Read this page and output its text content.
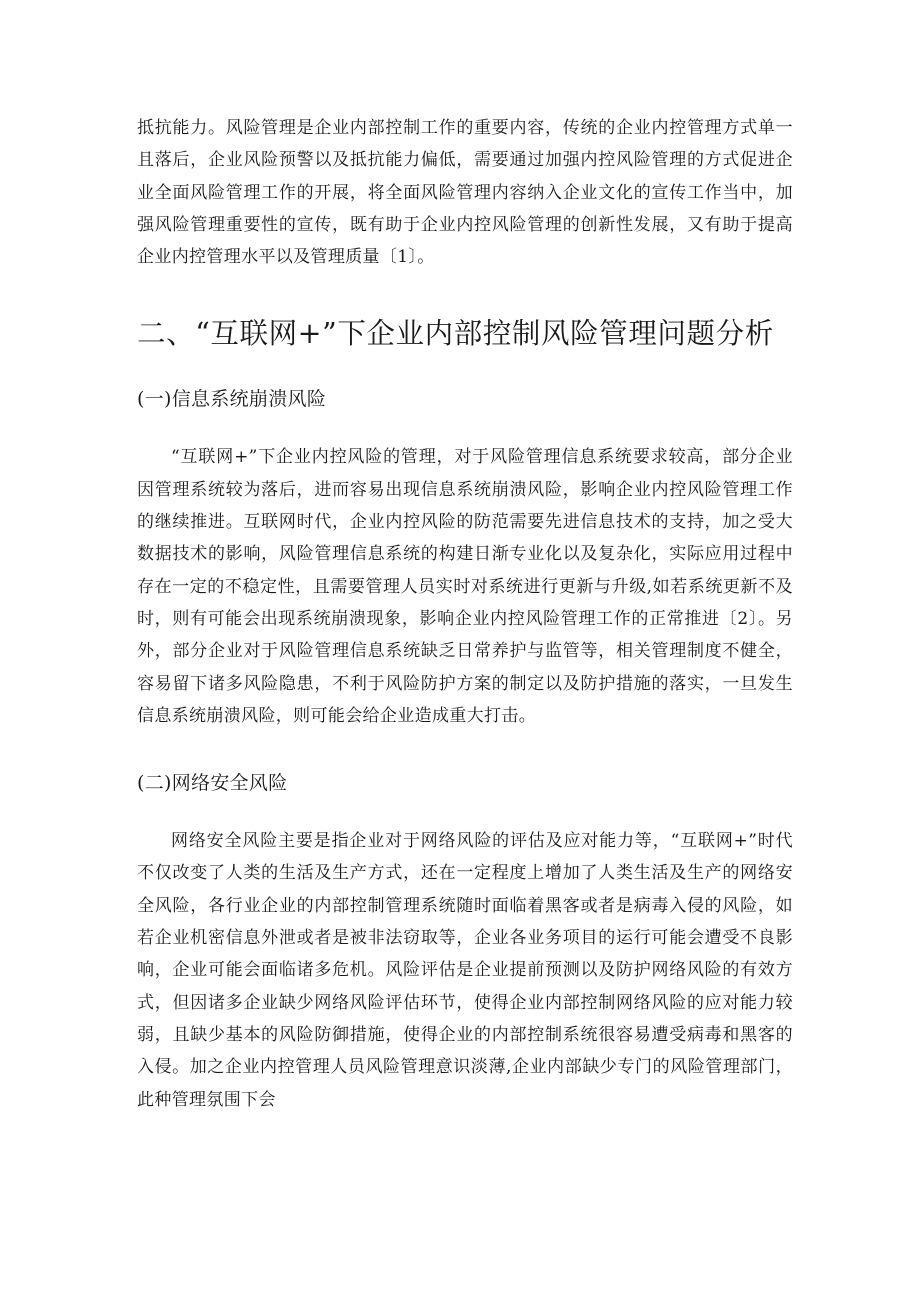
抵抗能力。风险管理是企业内部控制工作的重要内容，传统的企业内控管理方式单一且落后，企业风险预警以及抵抗能力偏低，需要通过加强内控风险管理的方式促进企业全面风险管理工作的开展，将全面风险管理内容纳入企业文化的宣传工作当中，加强风险管理重要性的宣传，既有助于企业内控风险管理的创新性发展，又有助于提高企业内控管理水平以及管理质量〔1〕。

二、“互联网+”下企业内部控制风险管理问题分析
(一)信息系统崩溃风险

“互联网+”下企业内控风险的管理，对于风险管理信息系统要求较高，部分企业因管理系统较为落后，进而容易出现信息系统崩溃风险，影响企业内控风险管理工作的继续推进。互联网时代，企业内控风险的防范需要先进信息技术的支持，加之受大数据技术的影响，风险管理信息系统的构建日渐专业化以及复杂化，实际应用过程中存在一定的不稳定性，且需要管理人员实时对系统进行更新与升级,如若系统更新不及时，则有可能会出现系统崩溃现象，影响企业内控风险管理工作的正常推进〔2〕。另外，部分企业对于风险管理信息系统缺乏日常养护与监管等，相关管理制度不健全，容易留下诸多风险隐患，不利于风险防护方案的制定以及防护措施的落实，一旦发生信息系统崩溃风险，则可能会给企业造成重大打击。

(二)网络安全风险

网络安全风险主要是指企业对于网络风险的评估及应对能力等，“互联网+”时代不仅改变了人类的生活及生产方式，还在一定程度上增加了人类生活及生产的网络安全风险，各行业企业的内部控制管理系统随时面临着黑客或者是病毒入侵的风险，如若企业机密信息外泄或者是被非法窃取等，企业各业务项目的运行可能会遭受不良影响，企业可能会面临诸多危机。风险评估是企业提前预测以及防护网络风险的有效方式，但因诸多企业缺少网络风险评估环节，使得企业内部控制网络风险的应对能力较弱，且缺少基本的风险防御措施，使得企业的内部控制系统很容易遭受病毒和黑客的入侵。加之企业内控管理人员风险管理意识淡薄,企业内部缺少专门的风险管理部门，此种管理氛围下会
